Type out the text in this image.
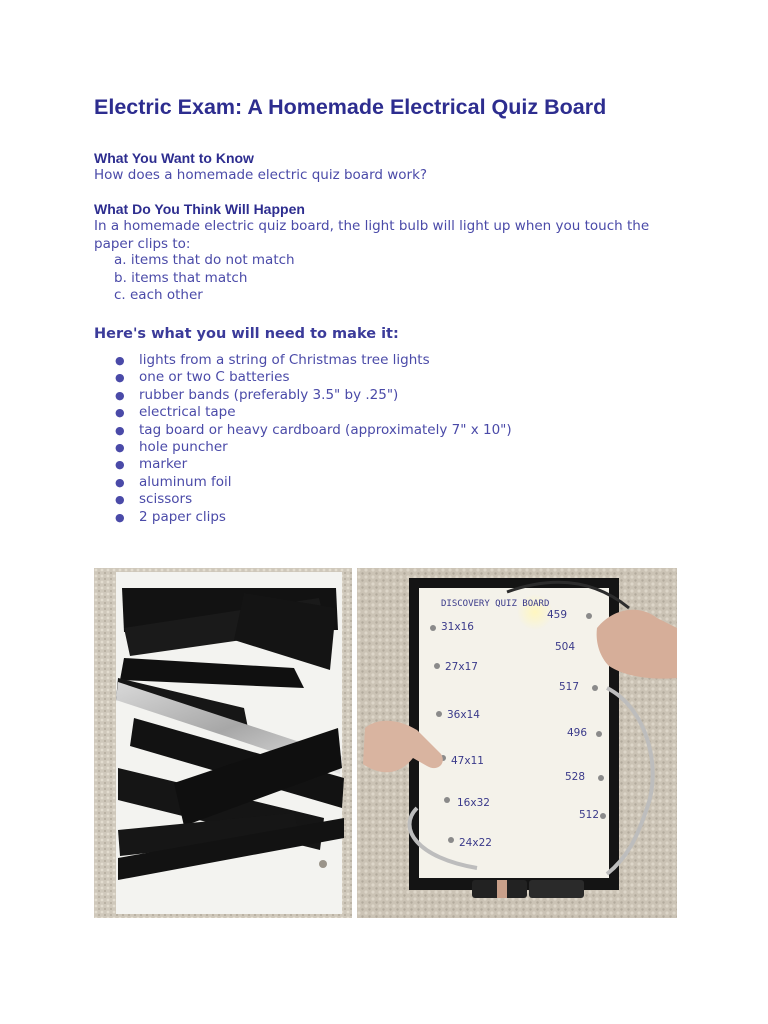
Electric Exam: A Homemade Electrical Quiz Board
What You Want to Know

How does a homemade electric quiz board work?

What Do You Think Will Happen

In a homemade electric quiz board, the light bulb will light up when you touch the

paper clips to:

a. items that do not match
b. items that match
c. each other
Here's what you will need to make it:
● lights from a string of Christmas tree lights
● one or two C batteries
● rubber bands (preferably 3.5" by .25")
● electrical tape
● tag board or heavy cardboard (approximately 7" x 10")
● hole puncher
● marker
● aluminum foil
● scissors
● 2 paper clips
DISCOVERY QUIZ BOARD
31x16
27x17
36x14
47x11
16x32
24x22
459
504
517
496
528
512
